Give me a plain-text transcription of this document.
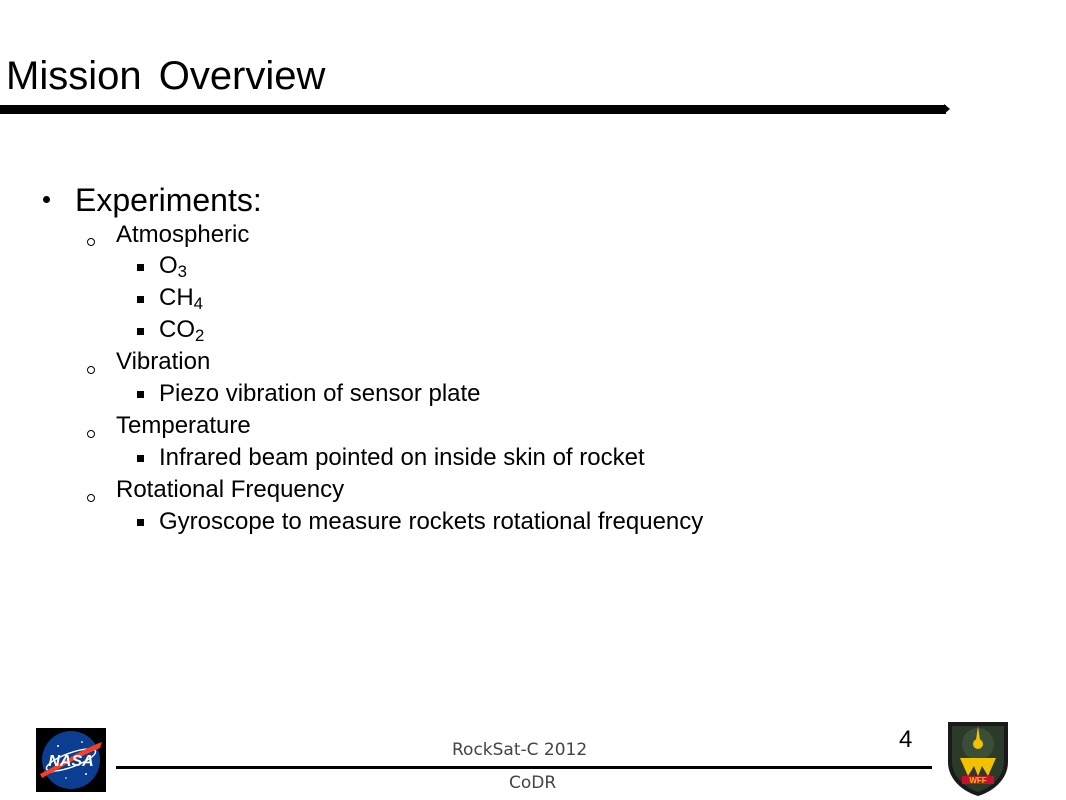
Mission Overview
Experiments:
Atmospheric
$O_3$
$CH_4$
$CO_2$
Vibration
Piezo vibration of sensor plate
Temperature
Infrared beam pointed on inside skin of rocket
Rotational Frequency
Gyroscope to measure rockets rotational frequency
NASA
RockSat-C 2012
CoDR
4
WFF
